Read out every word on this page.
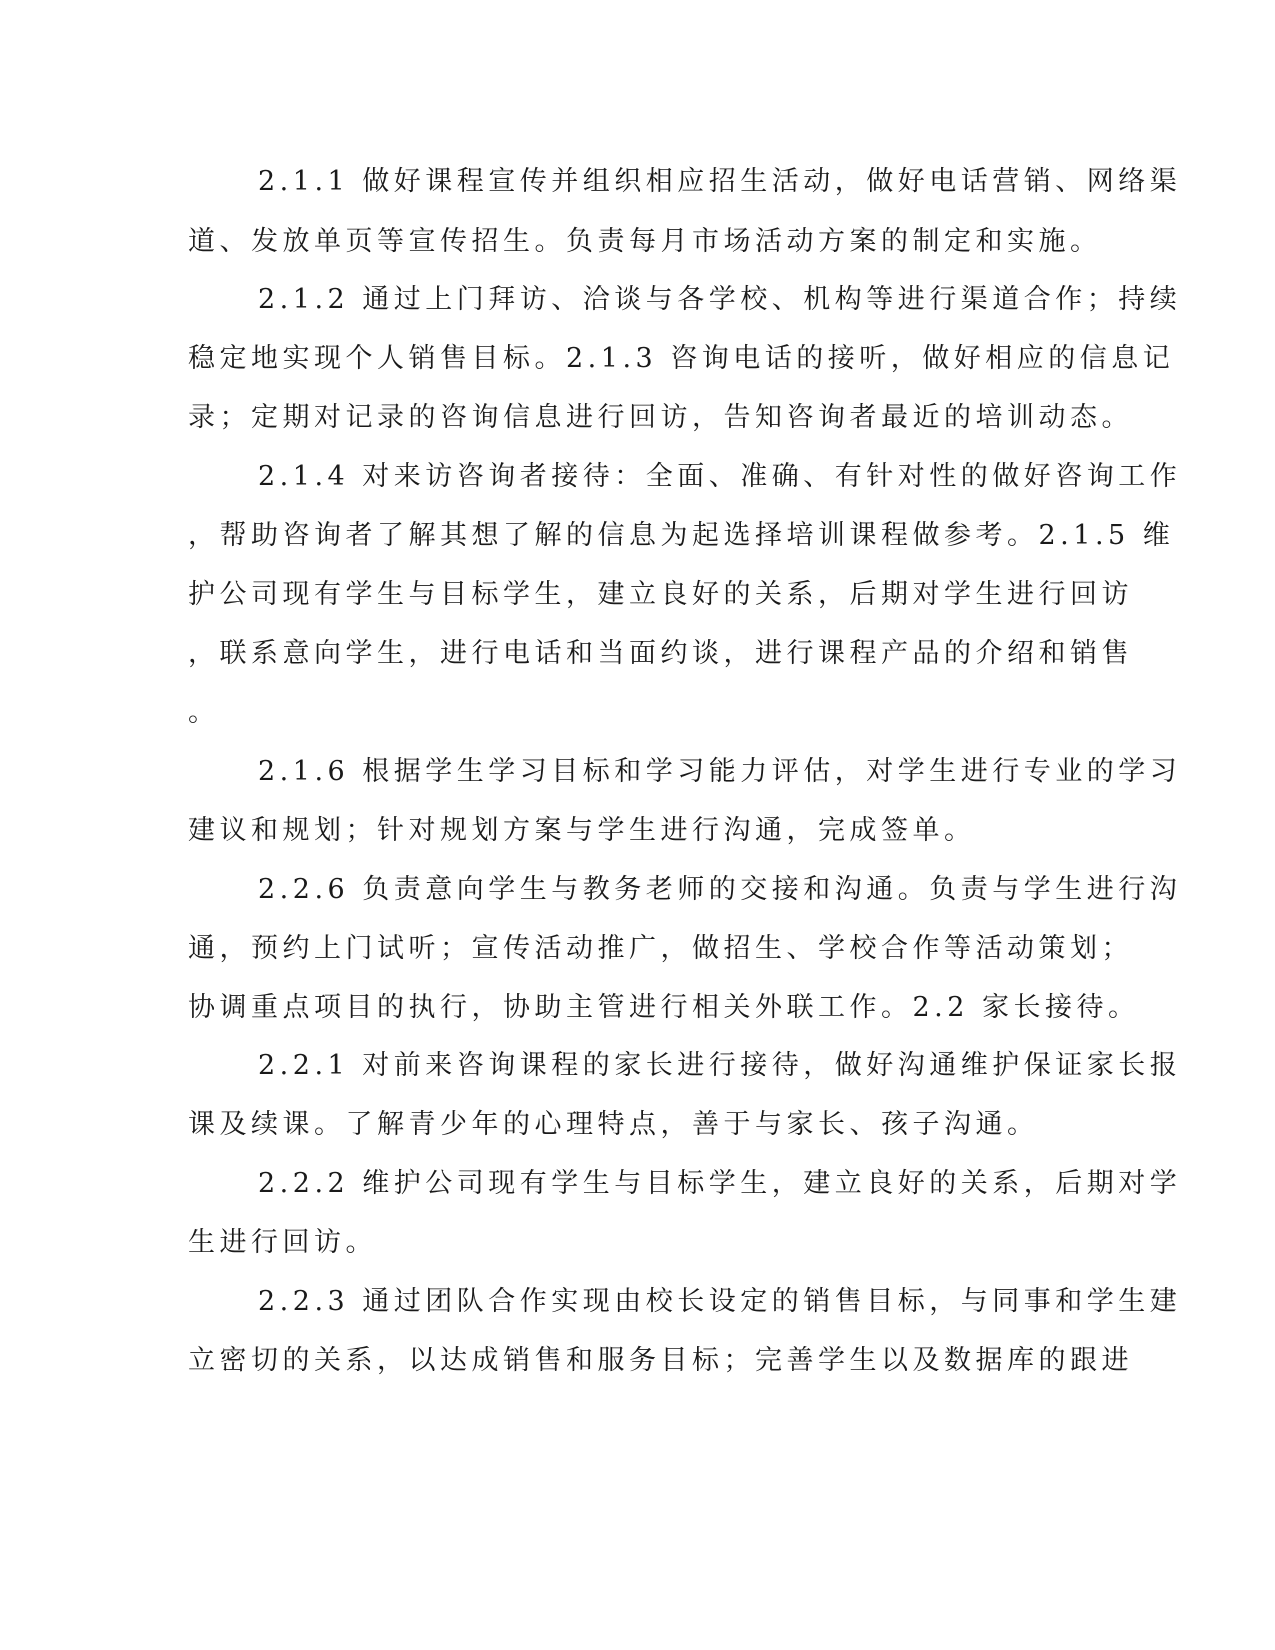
2.1.1 做好课程宣传并组织相应招生活动，做好电话营销、网络渠
道、发放单页等宣传招生。负责每月市场活动方案的制定和实施。
2.1.2 通过上门拜访、洽谈与各学校、机构等进行渠道合作；持续
稳定地实现个人销售目标。2.1.3 咨询电话的接听，做好相应的信息记
录；定期对记录的咨询信息进行回访，告知咨询者最近的培训动态。
2.1.4 对来访咨询者接待：全面、准确、有针对性的做好咨询工作
，帮助咨询者了解其想了解的信息为起选择培训课程做参考。2.1.5 维
护公司现有学生与目标学生，建立良好的关系，后期对学生进行回访
，联系意向学生，进行电话和当面约谈，进行课程产品的介绍和销售
。
2.1.6 根据学生学习目标和学习能力评估，对学生进行专业的学习
建议和规划；针对规划方案与学生进行沟通，完成签单。
2.2.6 负责意向学生与教务老师的交接和沟通。负责与学生进行沟
通，预约上门试听；宣传活动推广，做招生、学校合作等活动策划；
协调重点项目的执行，协助主管进行相关外联工作。2.2 家长接待。
2.2.1 对前来咨询课程的家长进行接待，做好沟通维护保证家长报
课及续课。了解青少年的心理特点，善于与家长、孩子沟通。
2.2.2 维护公司现有学生与目标学生，建立良好的关系，后期对学
生进行回访。
2.2.3 通过团队合作实现由校长设定的销售目标，与同事和学生建
立密切的关系，以达成销售和服务目标；完善学生以及数据库的跟进
